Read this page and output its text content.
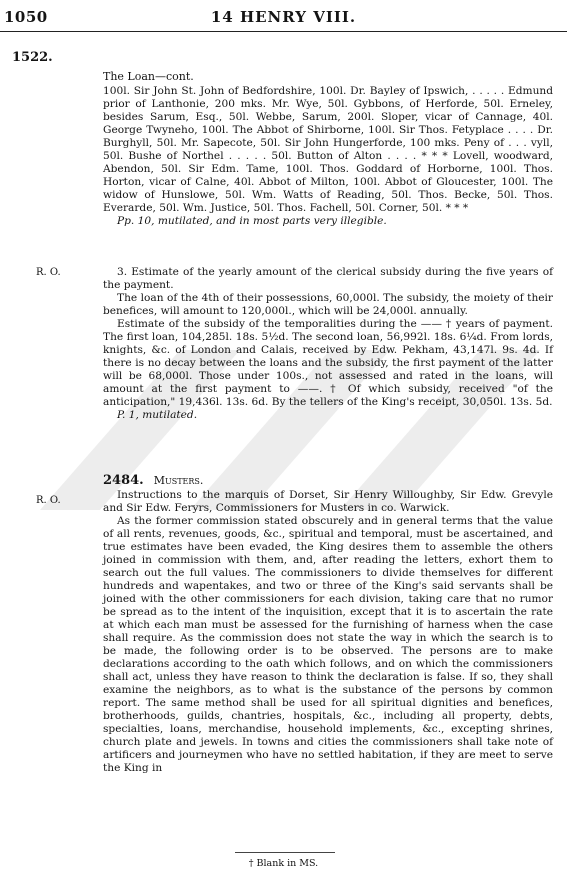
1050	14 HENRY VIII.
1522.
The Loan—cont.

100l. Sir John St. John of Bedfordshire, 100l. Dr. Bayley of Ipswich, . . . . . Edmund prior of Lanthonie, 200 mks. Mr. Wye, 50l. Gybbons, of Herforde, 50l. Erneley, besides Sarum, Esq., 50l. Webbe, Sarum, 200l. Sloper, vicar of Cannage, 40l. George Twyneho, 100l. The Abbot of Shirborne, 100l. Sir Thos. Fetyplace . . . . Dr. Burghyll, 50l. Mr. Sapecote, 50l. Sir John Hungerforde, 100 mks. Peny of . . . vyll, 50l. Bushe of Northel . . . . . 50l. Button of Alton . . . . * * * Lovell, woodward, Abendon, 50l. Sir Edm. Tame, 100l. Thos. Goddard of Horborne, 100l. Thos. Horton, vicar of Calne, 40l. Abbot of Milton, 100l. Abbot of Gloucester, 100l. The widow of Hunslowe, 50l. Wm. Watts of Reading, 50l. Thos. Becke, 50l. Thos. Everarde, 50l. Wm. Justice, 50l. Thos. Fachell, 50l. Corner, 50l. * * *

Pp. 10, mutilated, and in most parts very illegible.

R. O.	3. Estimate of the yearly amount of the clerical subsidy during the five years of the payment.

The loan of the 4th of their possessions, 60,000l. The subsidy, the moiety of their benefices, will amount to 120,000l., which will be 24,000l. annually.

Estimate of the subsidy of the temporalities during the —— † years of payment. The first loan, 104,285l. 18s. 5½d. The second loan, 56,992l. 18s. 6¼d. From lords, knights, &c. of London and Calais, received by Edw. Pekham, 43,147l. 9s. 4d. If there is no decay between the loans and the subsidy, the first payment of the latter will be 68,000l. Those under 100s., not assessed and rated in the loans, will amount at the first payment to ——. † Of which subsidy, received "of the anticipation," 19,436l. 13s. 6d. By the tellers of the King's receipt, 30,050l. 13s. 5d.

P. 1, mutilated.

R. O.
2484. Musters.

Instructions to the marquis of Dorset, Sir Henry Willoughby, Sir Edw. Grevyle and Sir Edw. Feryrs, Commissioners for Musters in co. Warwick.

As the former commission stated obscurely and in general terms that the value of all rents, revenues, goods, &c., spiritual and temporal, must be ascertained, and true estimates have been evaded, the King desires them to assemble the others joined in commission with them, and, after reading the letters, exhort them to search out the full values. The commissioners to divide themselves for different hundreds and wapentakes, and two or three of the King's said servants shall be joined with the other commissioners for each division, taking care that no rumor be spread as to the intent of the inquisition, except that it is to ascertain the rate at which each man must be assessed for the furnishing of harness when the case shall require. As the commission does not state the way in which the search is to be made, the following order is to be observed. The persons are to make declarations according to the oath which follows, and on which the commissioners shall act, unless they have reason to think the declaration is false. If so, they shall examine the neighbors, as to what is the substance of the persons by common report. The same method shall be used for all spiritual dignities and benefices, brotherhoods, guilds, chantries, hospitals, &c., including all property, debts, specialties, loans, merchandise, household implements, &c., excepting shrines, church plate and jewels. In towns and cities the commissioners shall take note of artificers and journeymen who have no settled habitation, if they are meet to serve the King in

† Blank in MS.
